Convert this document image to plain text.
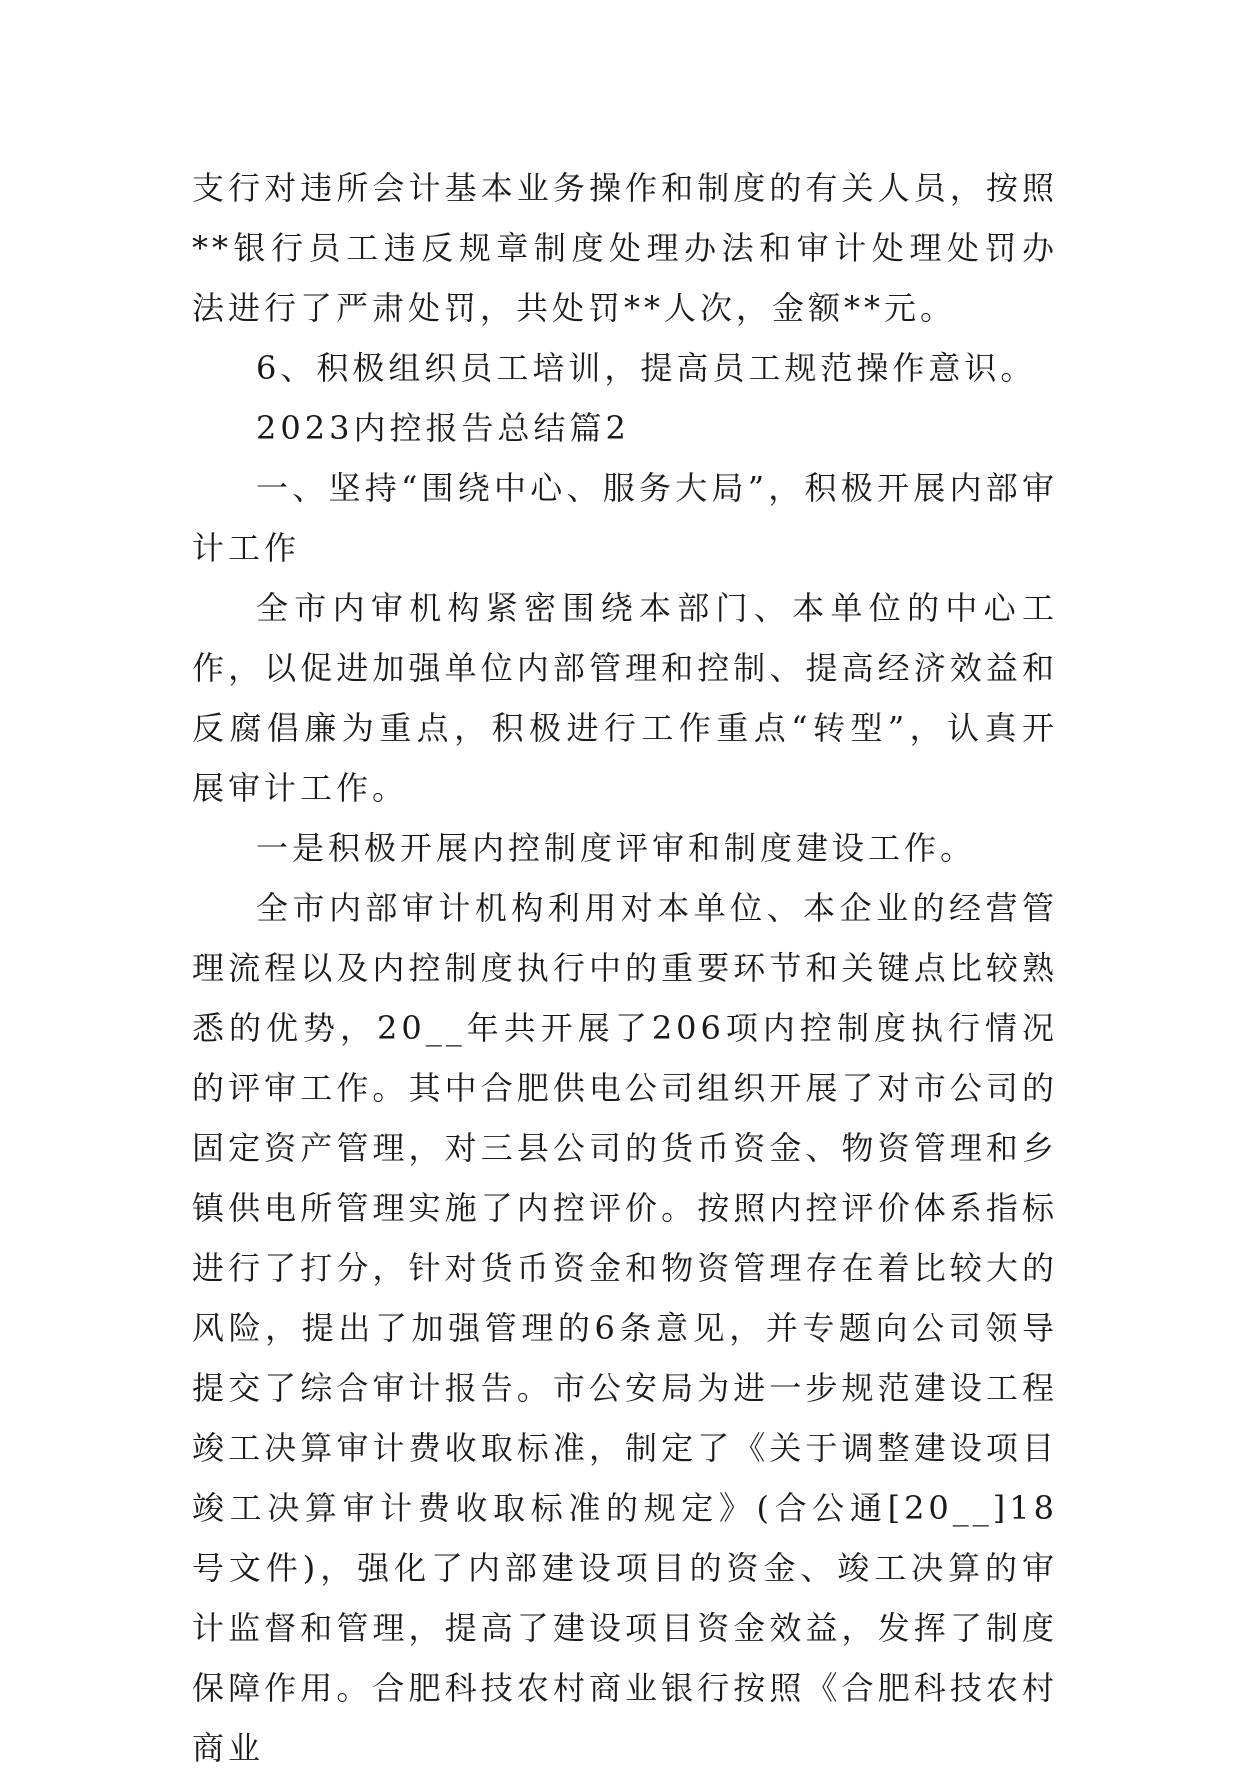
支行对违所会计基本业务操作和制度的有关人员，按照**银行员工违反规章制度处理办法和审计处理处罚办法进行了严肃处罚，共处罚**人次，金额**元。

6、积极组织员工培训，提高员工规范操作意识。

2023内控报告总结篇2

一、坚持“围绕中心、服务大局”，积极开展内部审计工作

全市内审机构紧密围绕本部门、本单位的中心工作，以促进加强单位内部管理和控制、提高经济效益和反腐倡廉为重点，积极进行工作重点“转型”，认真开展审计工作。

一是积极开展内控制度评审和制度建设工作。

全市内部审计机构利用对本单位、本企业的经营管理流程以及内控制度执行中的重要环节和关键点比较熟悉的优势，20__年共开展了206项内控制度执行情况的评审工作。其中合肥供电公司组织开展了对市公司的固定资产管理，对三县公司的货币资金、物资管理和乡镇供电所管理实施了内控评价。按照内控评价体系指标进行了打分，针对货币资金和物资管理存在着比较大的风险，提出了加强管理的6条意见，并专题向公司领导提交了综合审计报告。市公安局为进一步规范建设工程竣工决算审计费收取标准，制定了《关于调整建设项目竣工决算审计费收取标准的规定》(合公通[20__]18号文件)，强化了内部建设项目的资金、竣工决算的审计监督和管理，提高了建设项目资金效益，发挥了制度保障作用。合肥科技农村商业银行按照《合肥科技农村商业
